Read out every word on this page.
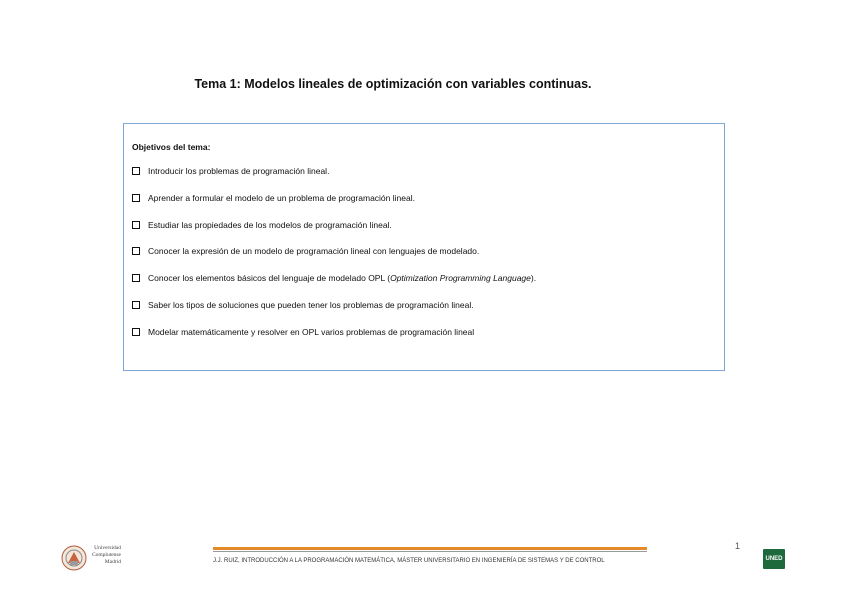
Tema 1: Modelos lineales de optimización con variables continuas.
Objetivos del tema:
Introducir los problemas de programación lineal.
Aprender a formular el modelo de un problema de programación lineal.
Estudiar las propiedades de los modelos de programación lineal.
Conocer la expresión de un modelo de programación lineal con lenguajes de modelado.
Conocer los elementos básicos del lenguaje de modelado OPL (Optimization Programming Language).
Saber los tipos de soluciones que pueden tener los problemas de programación lineal.
Modelar matemáticamente y resolver en OPL varios problemas de programación lineal
1
Universidad
Complutense
Madrid	J.J. RUIZ, INTRODUCCIÓN A LA PROGRAMACIÓN MATEMÁTICA, MÁSTER UNIVERSITARIO EN INGENIERÍA DE SISTEMAS Y DE CONTROL	UNED
